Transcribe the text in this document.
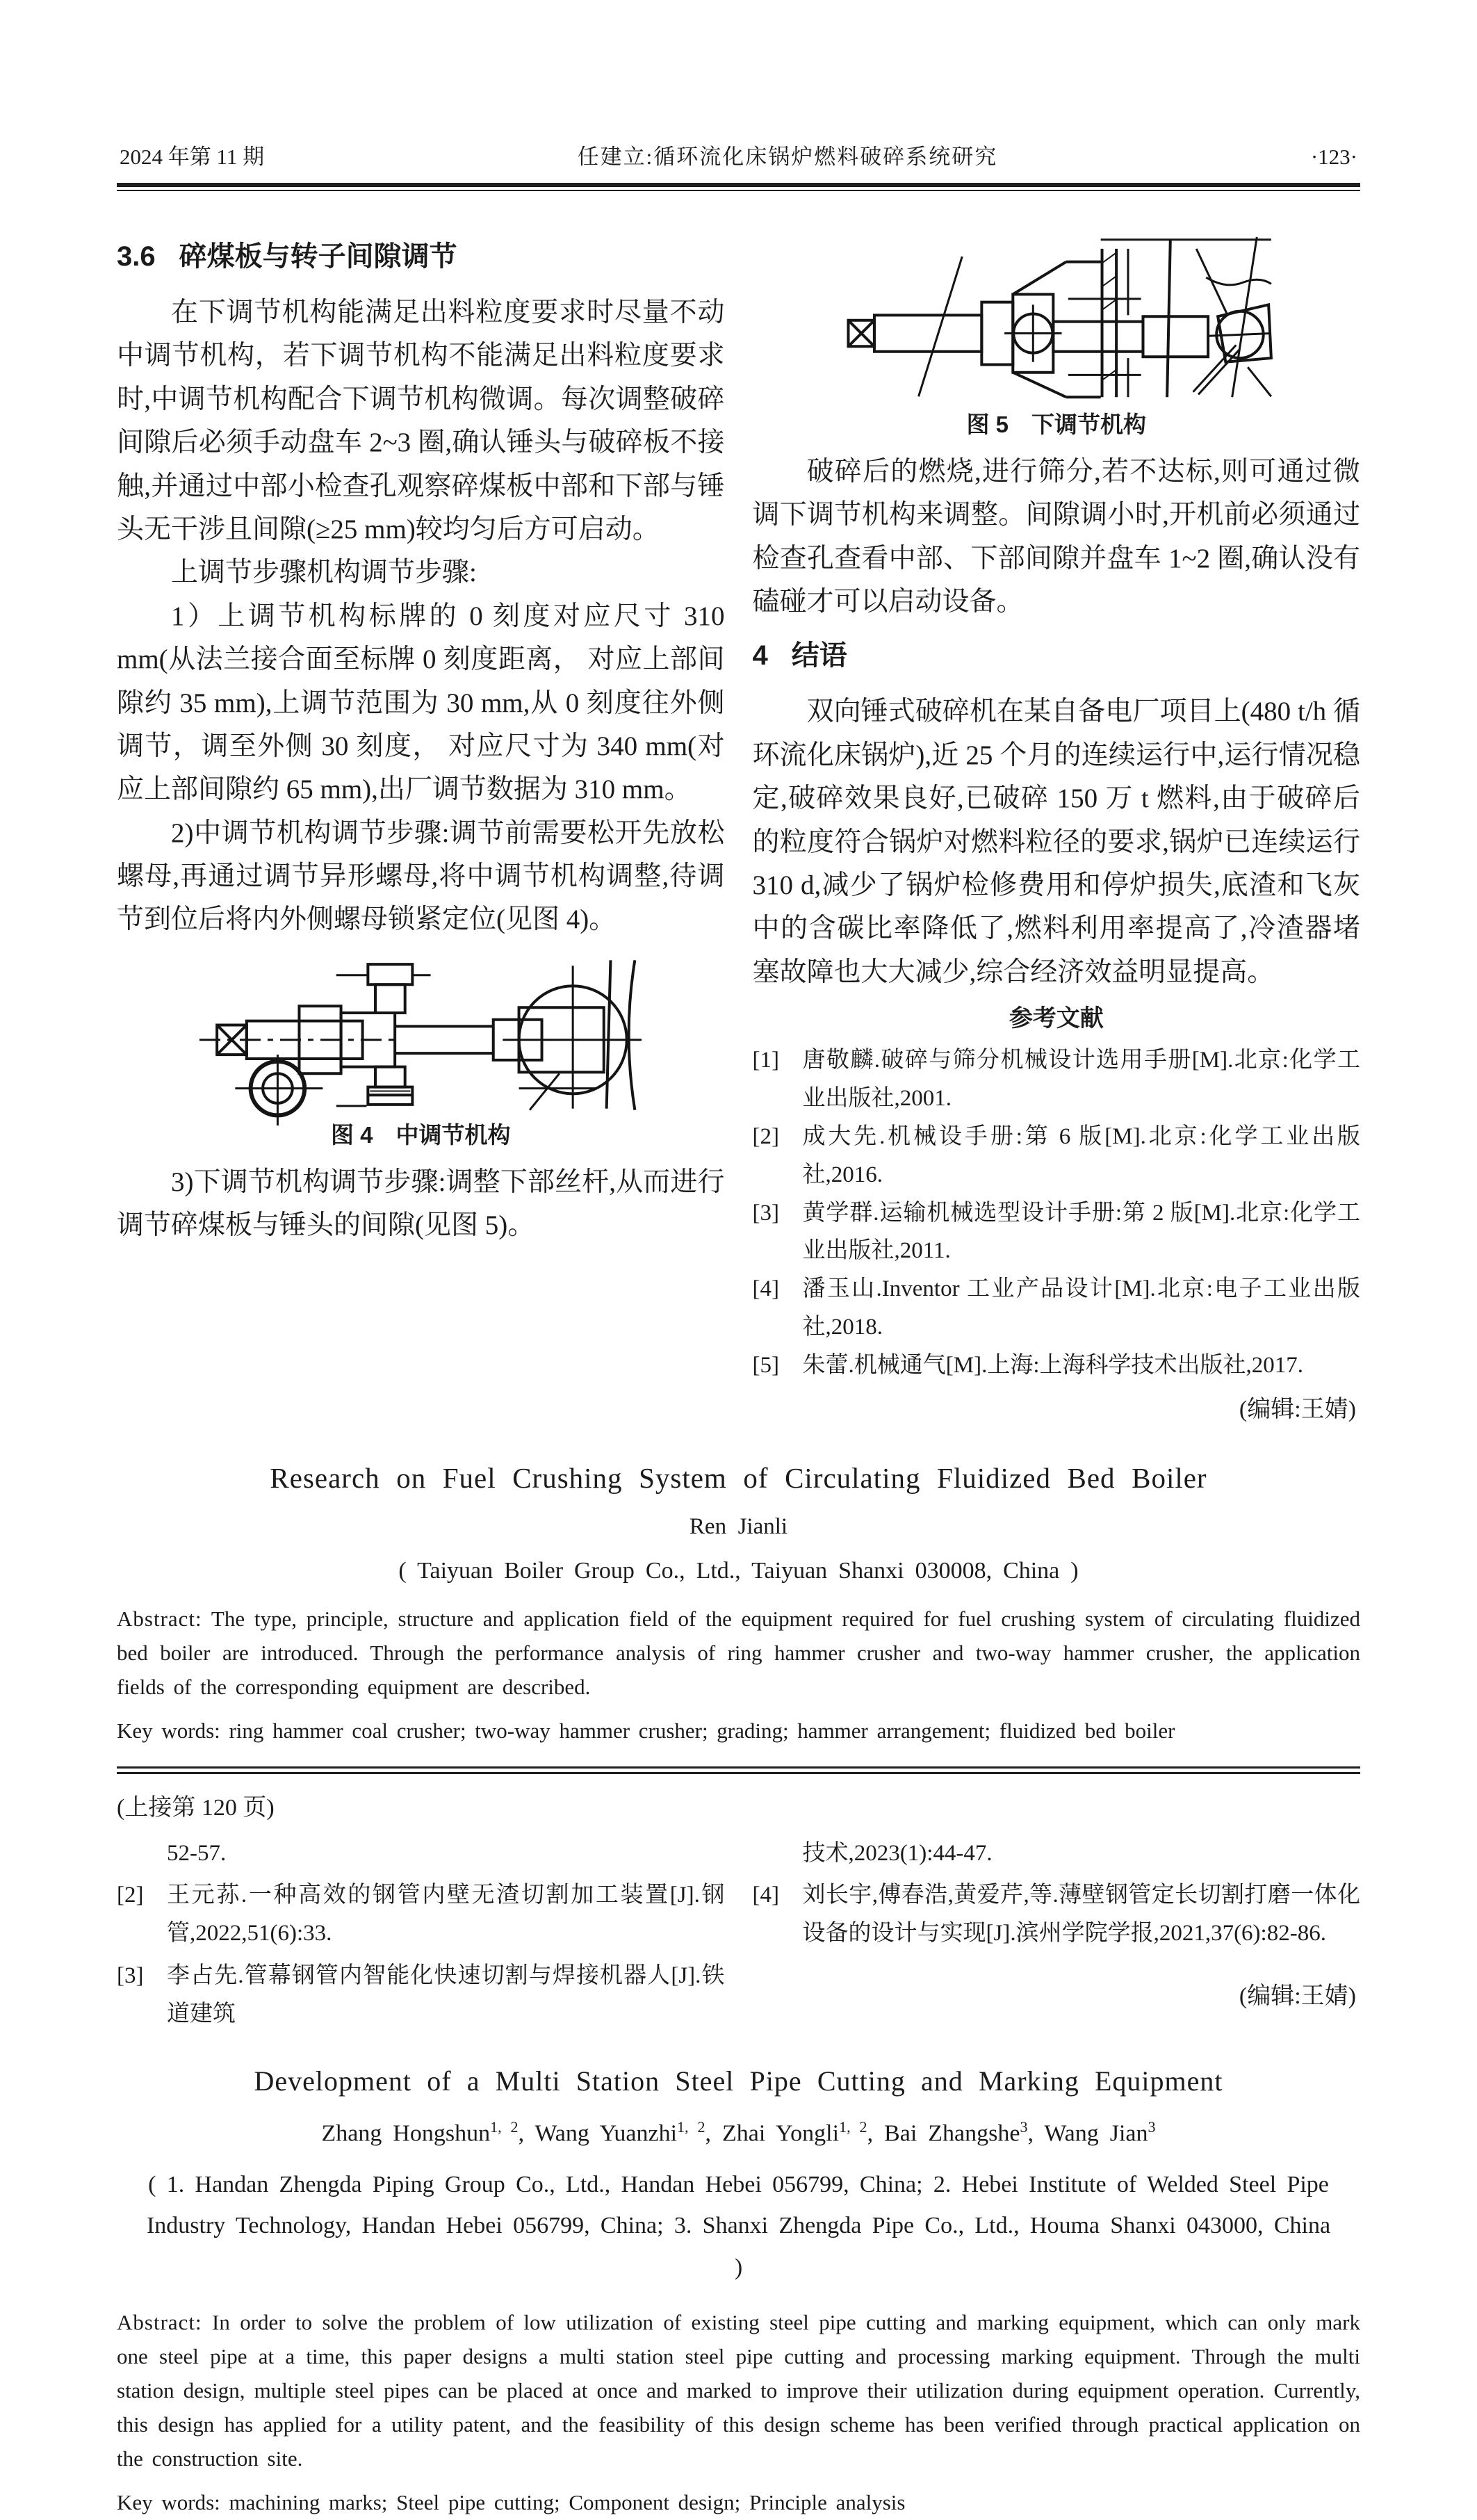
2024 年第 11 期	任建立:循环流化床锅炉燃料破碎系统研究	·123·

3.6 碎煤板与转子间隙调节

在下调节机构能满足出料粒度要求时尽量不动中调节机构，若下调节机构不能满足出料粒度要求时,中调节机构配合下调节机构微调。每次调整破碎间隙后必须手动盘车 2~3 圈,确认锤头与破碎板不接触,并通过中部小检查孔观察碎煤板中部和下部与锤头无干涉且间隙(≥25 mm)较均匀后方可启动。

上调节步骤机构调节步骤:

1）上调节机构标牌的 0 刻度对应尺寸 310 mm(从法兰接合面至标牌 0 刻度距离， 对应上部间隙约 35 mm),上调节范围为 30 mm,从 0 刻度往外侧调节，调至外侧 30 刻度， 对应尺寸为 340 mm(对应上部间隙约 65 mm),出厂调节数据为 310 mm。

2)中调节机构调节步骤:调节前需要松开先放松螺母,再通过调节异形螺母,将中调节机构调整,待调节到位后将内外侧螺母锁紧定位(见图 4)。

图 4　中调节机构

3)下调节机构调节步骤:调整下部丝杆,从而进行调节碎煤板与锤头的间隙(见图 5)。

图 5　下调节机构

破碎后的燃烧,进行筛分,若不达标,则可通过微调下调节机构来调整。间隙调小时,开机前必须通过检查孔查看中部、下部间隙并盘车 1~2 圈,确认没有磕碰才可以启动设备。

4 结语

双向锤式破碎机在某自备电厂项目上(480 t/h 循环流化床锅炉),近 25 个月的连续运行中,运行情况稳定,破碎效果良好,已破碎 150 万 t 燃料,由于破碎后的粒度符合锅炉对燃料粒径的要求,锅炉已连续运行 310 d,减少了锅炉检修费用和停炉损失,底渣和飞灰中的含碳比率降低了,燃料利用率提高了,冷渣器堵塞故障也大大减少,综合经济效益明显提高。

参考文献

[1] 唐敬麟.破碎与筛分机械设计选用手册[M].北京:化学工业出版社,2001.

[2] 成大先.机械设手册:第 6 版[M].北京:化学工业出版社,2016.

[3] 黄学群.运输机械选型设计手册:第 2 版[M].北京:化学工业出版社,2011.

[4] 潘玉山.Inventor 工业产品设计[M].北京:电子工业出版社,2018.

[5] 朱蕾.机械通气[M].上海:上海科学技术出版社,2017.

(编辑:王婧)

Research on Fuel Crushing System of Circulating Fluidized Bed Boiler

Ren Jianli

( Taiyuan Boiler Group Co., Ltd., Taiyuan Shanxi 030008, China )

Abstract: The type, principle, structure and application field of the equipment required for fuel crushing system of circulating fluidized bed boiler are introduced. Through the performance analysis of ring hammer crusher and two-way hammer crusher, the application fields of the corresponding equipment are described.

Key words: ring hammer coal crusher; two-way hammer crusher; grading; hammer arrangement; fluidized bed boiler

(上接第 120 页)

52-57.

[2] 王元荪.一种高效的钢管内壁无渣切割加工装置[J].钢管,2022,51(6):33.

[3] 李占先.管幕钢管内智能化快速切割与焊接机器人[J].铁道建筑

技术,2023(1):44-47.

[4] 刘长宇,傅春浩,黄爱芹,等.薄壁钢管定长切割打磨一体化设备的设计与实现[J].滨州学院学报,2021,37(6):82-86.

(编辑:王婧)

Development of a Multi Station Steel Pipe Cutting and Marking Equipment

Zhang Hongshun$^{1, 2}$, Wang Yuanzhi$^{1, 2}$, Zhai Yongli$^{1, 2}$, Bai Zhangshe$^3$, Wang Jian$^3$

( 1. Handan Zhengda Piping Group Co., Ltd., Handan Hebei 056799, China; 2. Hebei Institute of Welded Steel Pipe Industry Technology, Handan Hebei 056799, China; 3. Shanxi Zhengda Pipe Co., Ltd., Houma Shanxi 043000, China )

Abstract: In order to solve the problem of low utilization of existing steel pipe cutting and marking equipment, which can only mark one steel pipe at a time, this paper designs a multi station steel pipe cutting and processing marking equipment. Through the multi station design, multiple steel pipes can be placed at once and marked to improve their utilization during equipment operation. Currently, this design has applied for a utility patent, and the feasibility of this design scheme has been verified through practical application on the construction site.

Key words: machining marks; Steel pipe cutting; Component design; Principle analysis
